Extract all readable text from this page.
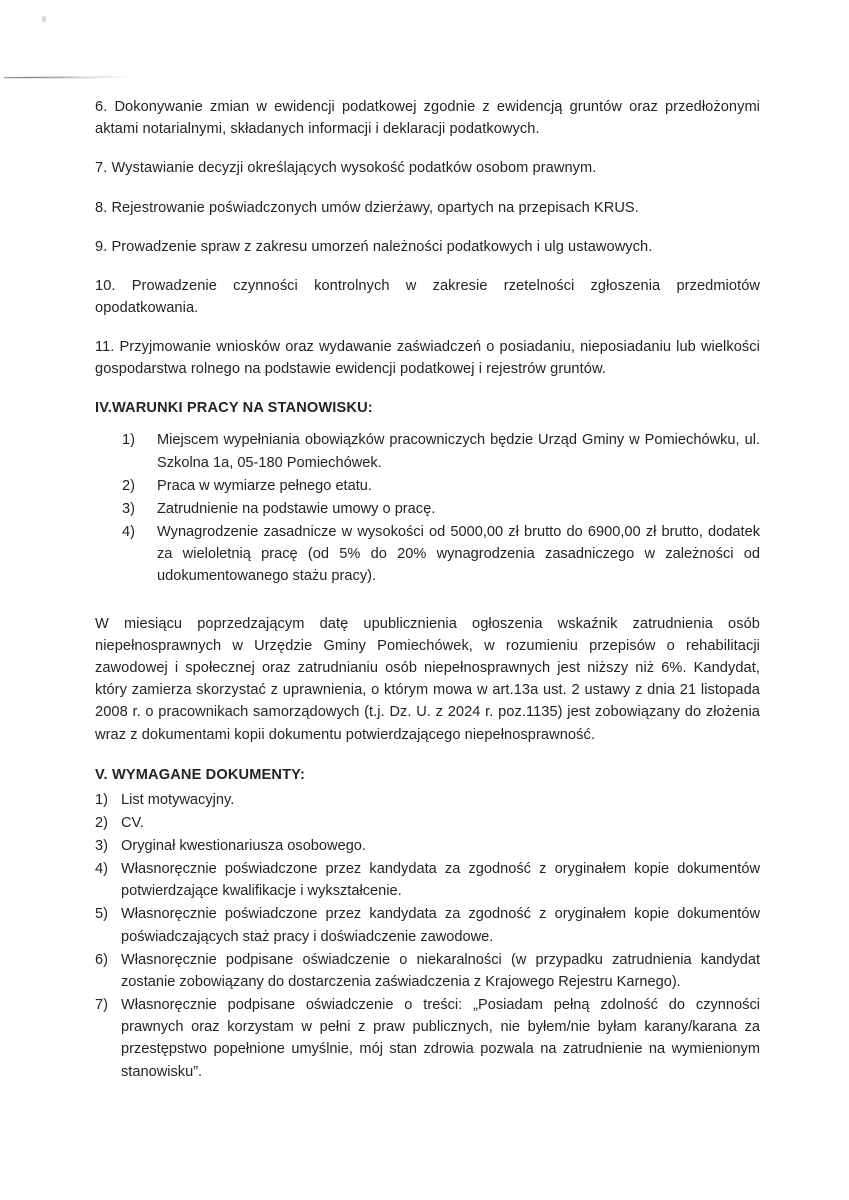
6. Dokonywanie zmian w ewidencji podatkowej zgodnie z ewidencją gruntów oraz przedłożonymi aktami notarialnymi, składanych informacji i deklaracji podatkowych.

7. Wystawianie decyzji określających wysokość podatków osobom prawnym.

8. Rejestrowanie poświadczonych umów dzierżawy, opartych na przepisach KRUS.

9. Prowadzenie spraw z zakresu umorzeń należności podatkowych i ulg ustawowych.

10. Prowadzenie czynności kontrolnych w zakresie rzetelności zgłoszenia przedmiotów opodatkowania.

11. Przyjmowanie wniosków oraz wydawanie zaświadczeń o posiadaniu, nieposiadaniu lub wielkości gospodarstwa rolnego na podstawie ewidencji podatkowej i rejestrów gruntów.

IV.WARUNKI PRACY NA STANOWISKU:
1)	Miejscem wypełniania obowiązków pracowniczych będzie Urząd Gminy w Pomiechówku, ul. Szkolna 1a, 05-180 Pomiechówek.
2)	Praca w wymiarze pełnego etatu.
3)	Zatrudnienie na podstawie umowy o pracę.
4)	Wynagrodzenie zasadnicze w wysokości od 5000,00 zł brutto do 6900,00 zł brutto, dodatek za wieloletnią pracę (od 5% do 20% wynagrodzenia zasadniczego w zależności od udokumentowanego stażu pracy).

W miesiącu poprzedzającym datę upublicznienia ogłoszenia wskaźnik zatrudnienia osób niepełnosprawnych w Urzędzie Gminy Pomiechówek, w rozumieniu przepisów o rehabilitacji zawodowej i społecznej oraz zatrudnianiu osób niepełnosprawnych jest niższy niż 6%. Kandydat, który zamierza skorzystać z uprawnienia, o którym mowa w art.13a ust. 2 ustawy z dnia 21 listopada 2008 r. o pracownikach samorządowych (t.j. Dz. U. z 2024 r. poz.1135) jest zobowiązany do złożenia wraz z dokumentami kopii dokumentu potwierdzającego niepełnosprawność.

V. WYMAGANE DOKUMENTY:
1) List motywacyjny.
2) CV.
3) Oryginał kwestionariusza osobowego.
4) Własnoręcznie poświadczone przez kandydata za zgodność z oryginałem kopie dokumentów potwierdzające kwalifikacje i wykształcenie.
5) Własnoręcznie poświadczone przez kandydata za zgodność z oryginałem kopie dokumentów poświadczających staż pracy i doświadczenie zawodowe.
6) Własnoręcznie podpisane oświadczenie o niekaralności (w przypadku zatrudnienia kandydat zostanie zobowiązany do dostarczenia zaświadczenia z Krajowego Rejestru Karnego).
7) Własnoręcznie podpisane oświadczenie o treści: „Posiadam pełną zdolność do czynności prawnych oraz korzystam w pełni z praw publicznych, nie byłem/nie byłam karany/karana za przestępstwo popełnione umyślnie, mój stan zdrowia pozwala na zatrudnienie na wymienionym stanowisku”.
